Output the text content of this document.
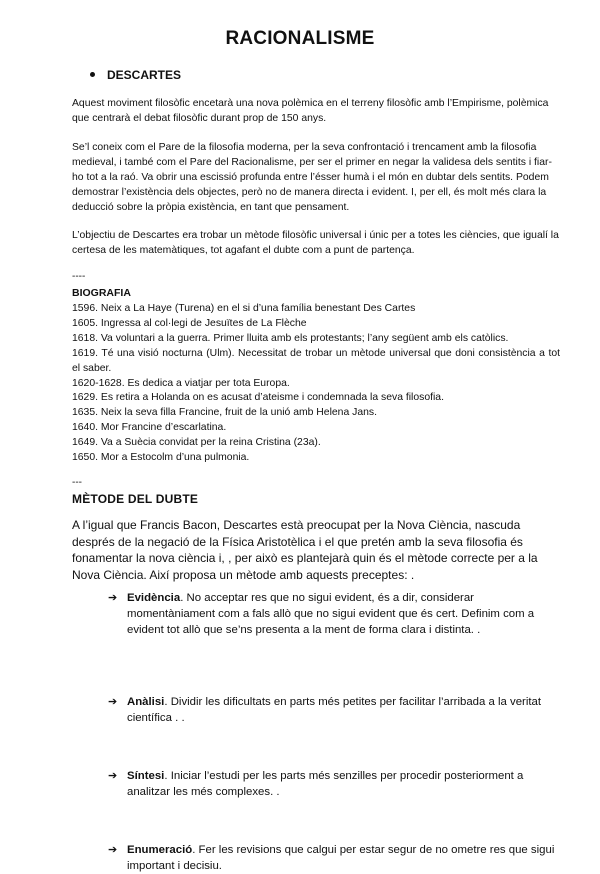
RACIONALISME
DESCARTES

Aquest moviment filosòfic encetarà una nova polèmica en el terreny filosòfic amb l’Empirisme, polèmica que centrarà el debat filosòfic durant prop de 150 anys.

Se’l coneix com el Pare de la filosofia moderna, per la seva confrontació i trencament amb la filosofia medieval, i també com el Pare del Racionalisme, per ser el primer en negar la validesa dels sentits i fiar-ho tot a la raó. Va obrir una escissió profunda entre l’ésser humà i el món en dubtar dels sentits. Podem demostrar l’existència dels objectes, però no de manera directa i evident. I, per ell, és molt més clara la deducció sobre la pròpia existència, en tant que pensament.

L’objectiu de Descartes era trobar un mètode filosòfic universal i únic per a totes les ciències, que igualí la certesa de les matemàtiques, tot agafant el dubte com a punt de partença.

----
BIOGRAFIA
1596. Neix a La Haye (Turena) en el si d’una família benestant Des Cartes
1605. Ingressa al col·legi de Jesuïtes de La Flèche
1618. Va voluntari a la guerra. Primer lluita amb els protestants; l’any següent amb els catòlics.
1619. Té una visió nocturna (Ulm). Necessitat de trobar un mètode universal que doni consistència a tot el saber.
1620-1628. Es dedica a viatjar per tota Europa.
1629. Es retira a Holanda on es acusat d’ateisme i condemnada la seva filosofia.
1635. Neix la seva filla Francine, fruit de la unió amb Helena Jans.
1640. Mor Francine d’escarlatina.
1649. Va a Suècia convidat per la reina Cristina (23a).
1650. Mor a Estocolm d’una pulmonia.
---
MÈTODE DEL DUBTE

A l’igual que Francis Bacon, Descartes està preocupat per la Nova Ciència, nascuda després de la negació de la Física Aristotèlica i el que pretén amb la seva filosofia és fonamentar la nova ciència i, , per això es plantejarà quin és el mètode correcte per a la Nova Ciència. Així proposa un mètode amb aquests preceptes: .

➔ Evidència. No acceptar res que no sigui evident, és a dir, considerar momentàniament com a fals allò que no sigui evident que és cert. Definim com a evident tot allò que se’ns presenta a la ment de forma clara i distinta. .
➔ Anàlisi. Dividir les dificultats en parts més petites per facilitar l’arribada a la veritat científica . .
➔ Síntesi. Iniciar l’estudi per les parts més senzilles per procedir posteriorment a analitzar les més complexes. .
➔ Enumeració. Fer les revisions que calgui per estar segur de no ometre res que sigui important i decisiu.
